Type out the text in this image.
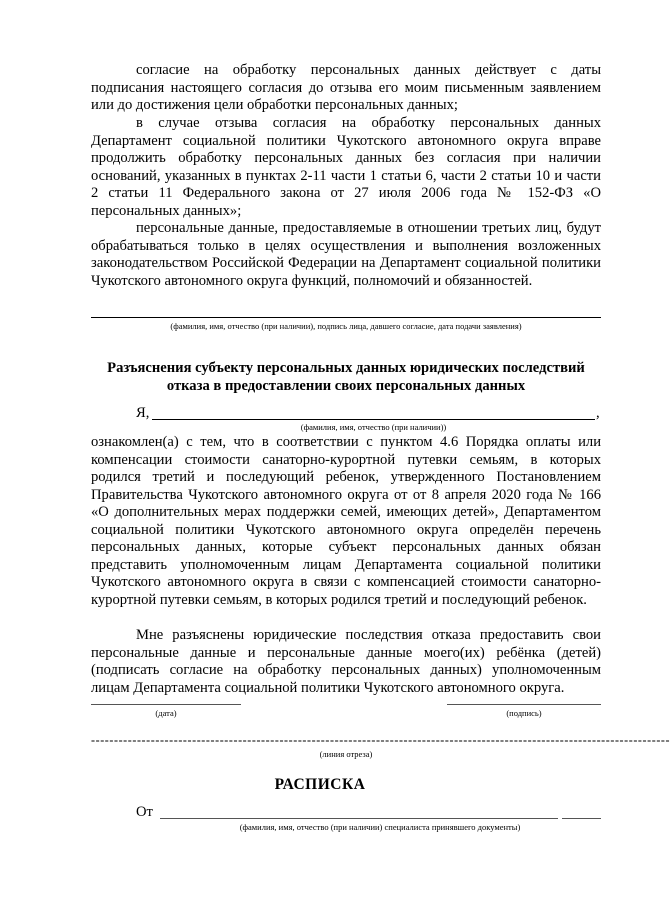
согласие на обработку персональных данных действует с даты подписания настоящего согласия до отзыва его моим письменным заявлением или до достижения цели обработки персональных данных;

в случае отзыва согласия на обработку персональных данных Департамент социальной политики Чукотского автономного округа вправе продолжить обработку персональных данных без согласия при наличии оснований, указанных в пунктах 2-11 части 1 статьи 6, части 2 статьи 10 и части 2 статьи 11 Федерального закона от 27 июля 2006 года № 152-ФЗ «О персональных данных»;

персональные данные, предоставляемые в отношении третьих лиц, будут обрабатываться только в целях осуществления и выполнения возложенных законодательством Российской Федерации на Департамент социальной политики Чукотского автономного округа функций, полномочий и обязанностей.

(фамилия, имя, отчество (при наличии), подпись лица, давшего согласие, дата подачи заявления)

Разъяснения субъекту персональных данных юридических последствий отказа в предоставлении своих персональных данных

Я,	,
(фамилия, имя, отчество (при наличии))

ознакомлен(а) с тем, что в соответствии с пунктом 4.6 Порядка оплаты или компенсации стоимости санаторно-курортной путевки семьям, в которых родился третий и последующий ребенок, утвержденного Постановлением Правительства Чукотского автономного округа от от 8 апреля 2020 года № 166 «О дополнительных мерах поддержки семей, имеющих детей», Департаментом социальной политики Чукотского автономного округа определён перечень персональных данных, которые субъект персональных данных обязан представить уполномоченным лицам Департамента социальной политики Чукотского автономного округа в связи с компенсацией стоимости санаторно-курортной путевки семьям, в которых родился третий и последующий ребенок.

Мне разъяснены юридические последствия отказа предоставить свои персональные данные и персональные данные моего(их) ребёнка (детей) (подписать согласие на обработку персональных данных) уполномоченным лицам Департамента социальной политики Чукотского автономного округа.

(дата)	(подпись)
------------------------------------------------------------------------------------------------------------------------------
(линия отреза)
РАСПИСКА
От
(фамилия, имя, отчество (при наличии) специалиста принявшего документы)
